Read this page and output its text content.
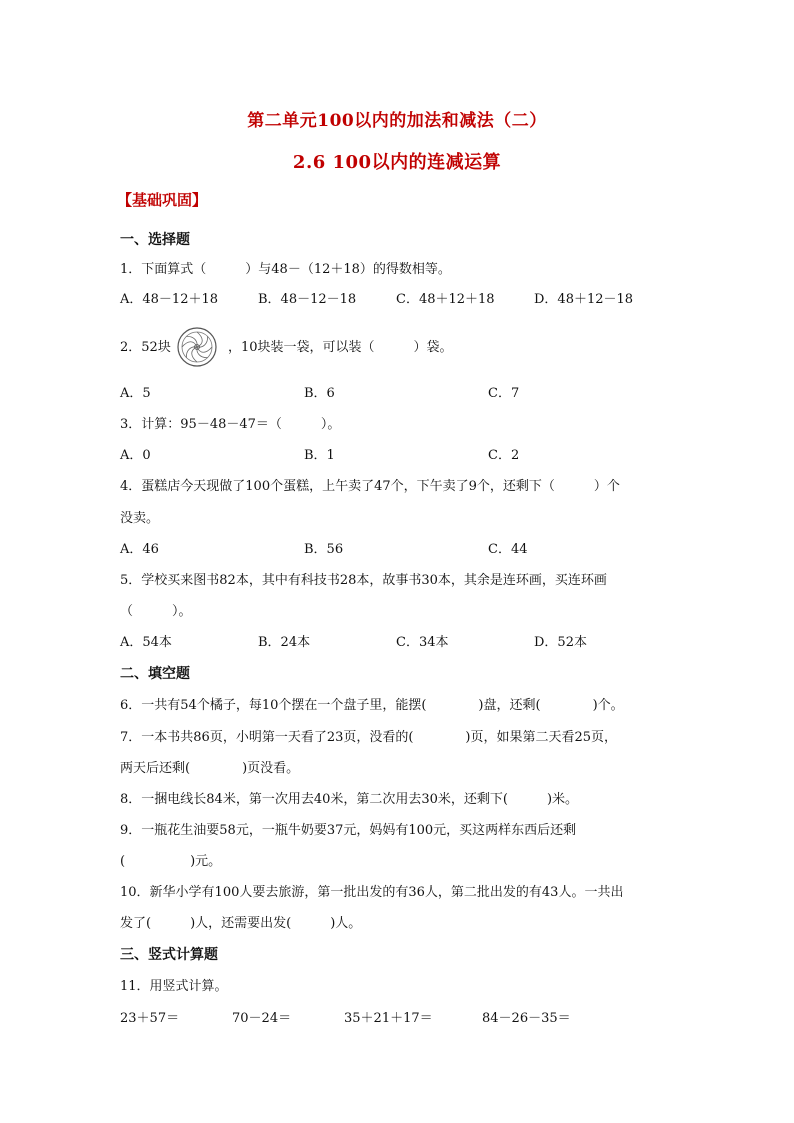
第二单元100以内的加法和减法（二）
2.6 100以内的连减运算
【基础巩固】
一、选择题
1．下面算式（　　　）与48－（12＋18）的得数相等。
A．48－12＋18	B．48－12－18	C．48＋12＋18	D．48＋12－18
2．52块	，10块装一袋，可以装（　　　）袋。
A．5	B．6	C．7
3．计算：95－48－47＝（　　　）。
A．0	B．1	C．2
4．蛋糕店今天现做了100个蛋糕，上午卖了47个，下午卖了9个，还剩下（　　　）个
没卖。
A．46	B．56	C．44
5．学校买来图书82本，其中有科技书28本，故事书30本，其余是连环画，买连环画
（　　　）。
A．54本	B．24本	C．34本	D．52本
二、填空题
6．一共有54个橘子，每10个摆在一个盘子里，能摆(　　　　)盘，还剩(　　　　)个。
7．一本书共86页，小明第一天看了23页，没看的(　　　　)页，如果第二天看25页，
两天后还剩(　　　　)页没看。
8．一捆电线长84米，第一次用去40米，第二次用去30米，还剩下(　　　)米。
9．一瓶花生油要58元，一瓶牛奶要37元，妈妈有100元，买这两样东西后还剩
(　　　　　)元。
10．新华小学有100人要去旅游，第一批出发的有36人，第二批出发的有43人。一共出
发了(　　　)人，还需要出发(　　　)人。
三、竖式计算题
11．用竖式计算。
23＋57＝	70－24＝	35＋21＋17＝	84－26－35＝
